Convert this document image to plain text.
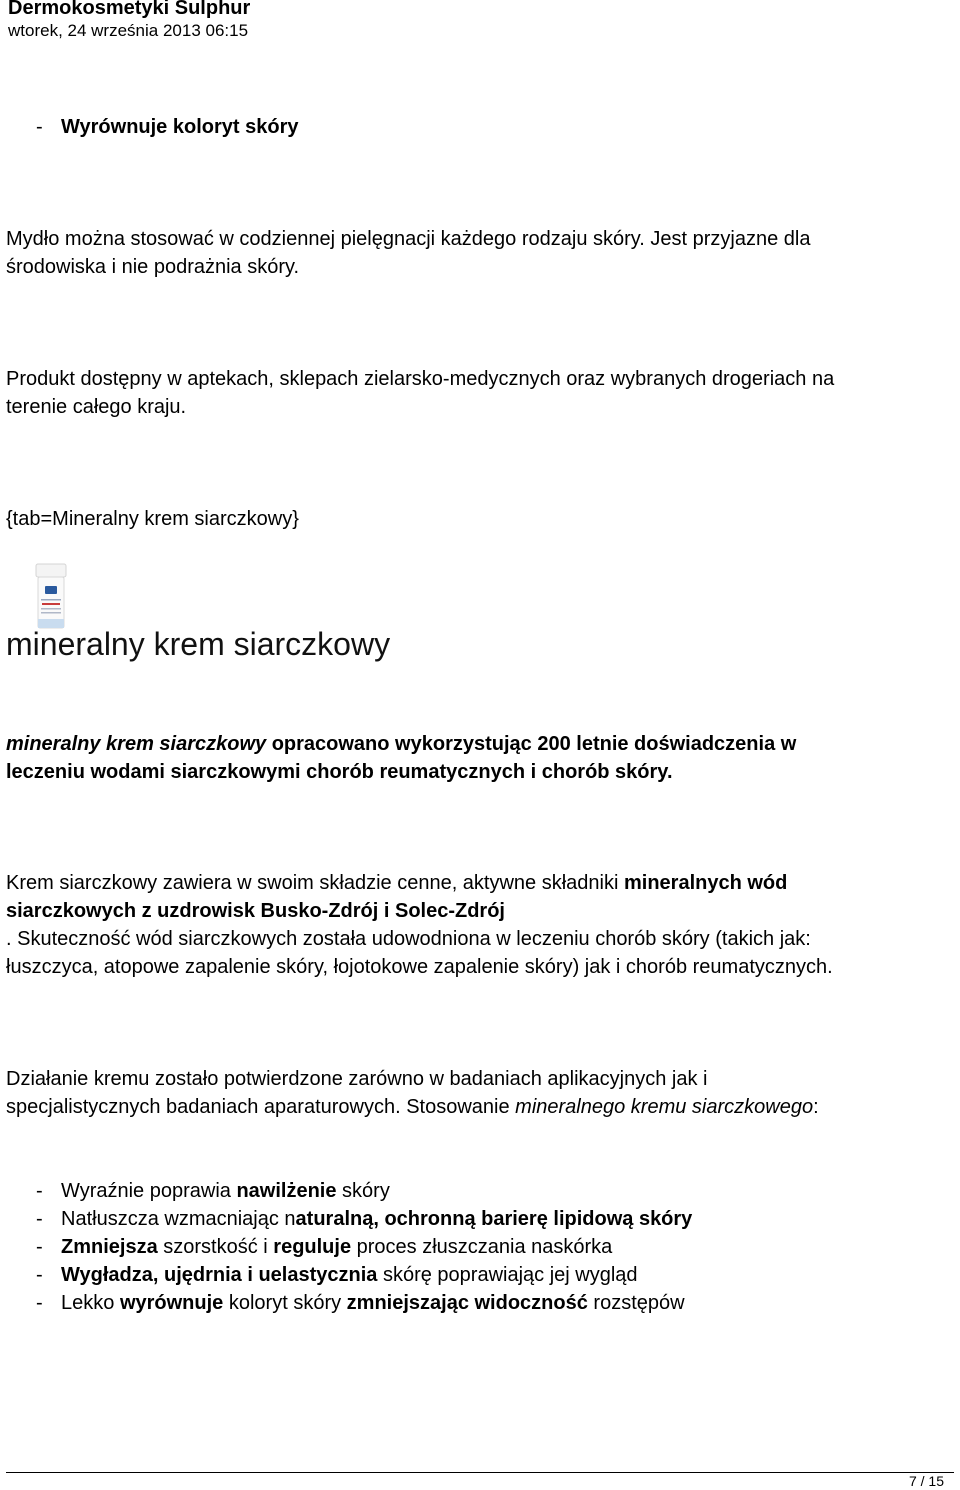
Dermokosmetyki Sulphur
wtorek, 24 września 2013 06:15
- Wyrównuje koloryt skóry
Mydło można stosować w codziennej pielęgnacji każdego rodzaju skóry. Jest przyjazne dla
środowiska i nie podrażnia skóry.
Produkt dostępny w aptekach, sklepach zielarsko-medycznych oraz wybranych drogeriach na
terenie całego kraju.
{tab=Mineralny krem siarczkowy}
mineralny krem siarczkowy
mineralny krem siarczkowy opracowano wykorzystując 200 letnie doświadczenia w
leczeniu wodami siarczkowymi chorób reumatycznych i chorób skóry.
Krem siarczkowy zawiera w swoim składzie cenne, aktywne składniki mineralnych wód
siarczkowych z uzdrowisk Busko-Zdrój i Solec-Zdrój
. Skuteczność wód siarczkowych została udowodniona w leczeniu chorób skóry (takich jak:
łuszczyca, atopowe zapalenie skóry, łojotokowe zapalenie skóry) jak i chorób reumatycznych.
Działanie kremu zostało potwierdzone zarówno w badaniach aplikacyjnych jak i
specjalistycznych badaniach aparaturowych. Stosowanie mineralnego kremu siarczkowego:
- Wyraźnie poprawia nawilżenie skóry
- Natłuszcza wzmacniając naturalną, ochronną barierę lipidową skóry
- Zmniejsza szorstkość i reguluje proces złuszczania naskórka
- Wygładza, ujędrnia i uelastycznia skórę poprawiając jej wygląd
- Lekko wyrównuje koloryt skóry zmniejszając widoczność rozstępów
7 / 15
